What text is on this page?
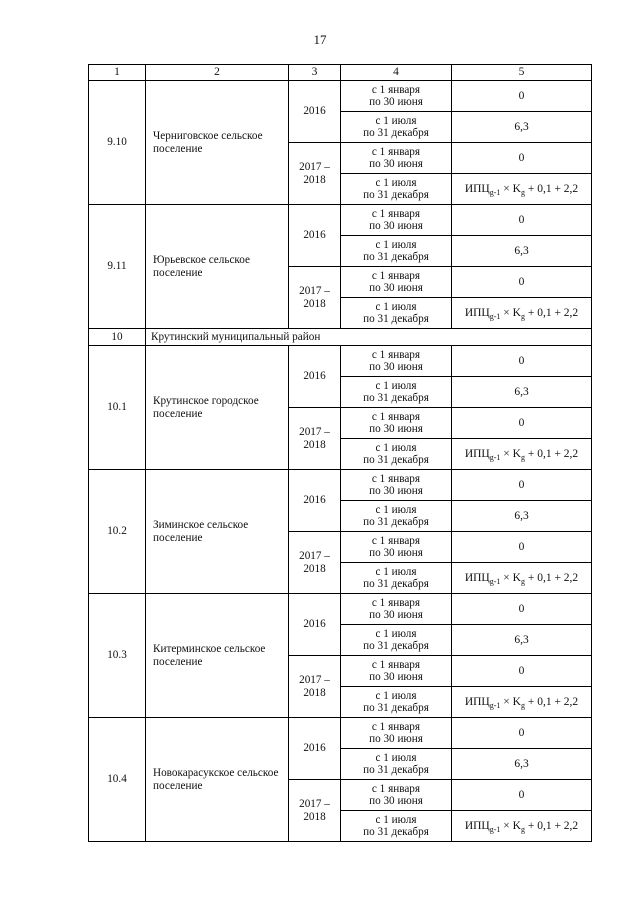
17
1	2	3	4	5
9.10	Черниговское сельское поселение	2016	с 1 января
по 30 июня	0

			с 1 июля
по 31 декабря	6,3

		2017 –
2018	с 1 января
по 30 июня	0

			с 1 июля
по 31 декабря	$ИПЦ_{g-1} \times K_g + 0,1 + 2,2$
9.11	Юрьевское сельское поселение	2016	с 1 января
по 30 июня	0

			с 1 июля
по 31 декабря	6,3

		2017 –
2018	с 1 января
по 30 июня	0

			с 1 июля
по 31 декабря	$ИПЦ_{g-1} \times K_g + 0,1 + 2,2$
10	Крутинский муниципальный район			
10.1	Крутинское городское поселение	2016	с 1 января
по 30 июня	0

			с 1 июля
по 31 декабря	6,3

		2017 –
2018	с 1 января
по 30 июня	0

			с 1 июля
по 31 декабря	$ИПЦ_{g-1} \times K_g + 0,1 + 2,2$
10.2	Зиминское сельское поселение	2016	с 1 января
по 30 июня	0

			с 1 июля
по 31 декабря	6,3

		2017 –
2018	с 1 января
по 30 июня	0

			с 1 июля
по 31 декабря	$ИПЦ_{g-1} \times K_g + 0,1 + 2,2$
10.3	Китерминское сельское поселение	2016	с 1 января
по 30 июня	0

			с 1 июля
по 31 декабря	6,3

		2017 –
2018	с 1 января
по 30 июня	0

			с 1 июля
по 31 декабря	$ИПЦ_{g-1} \times K_g + 0,1 + 2,2$
10.4	Новокарасукское сельское поселение	2016	с 1 января
по 30 июня	0

			с 1 июля
по 31 декабря	6,3

		2017 –
2018	с 1 января
по 30 июня	0

			с 1 июля
по 31 декабря	$ИПЦ_{g-1} \times K_g + 0,1 + 2,2$
